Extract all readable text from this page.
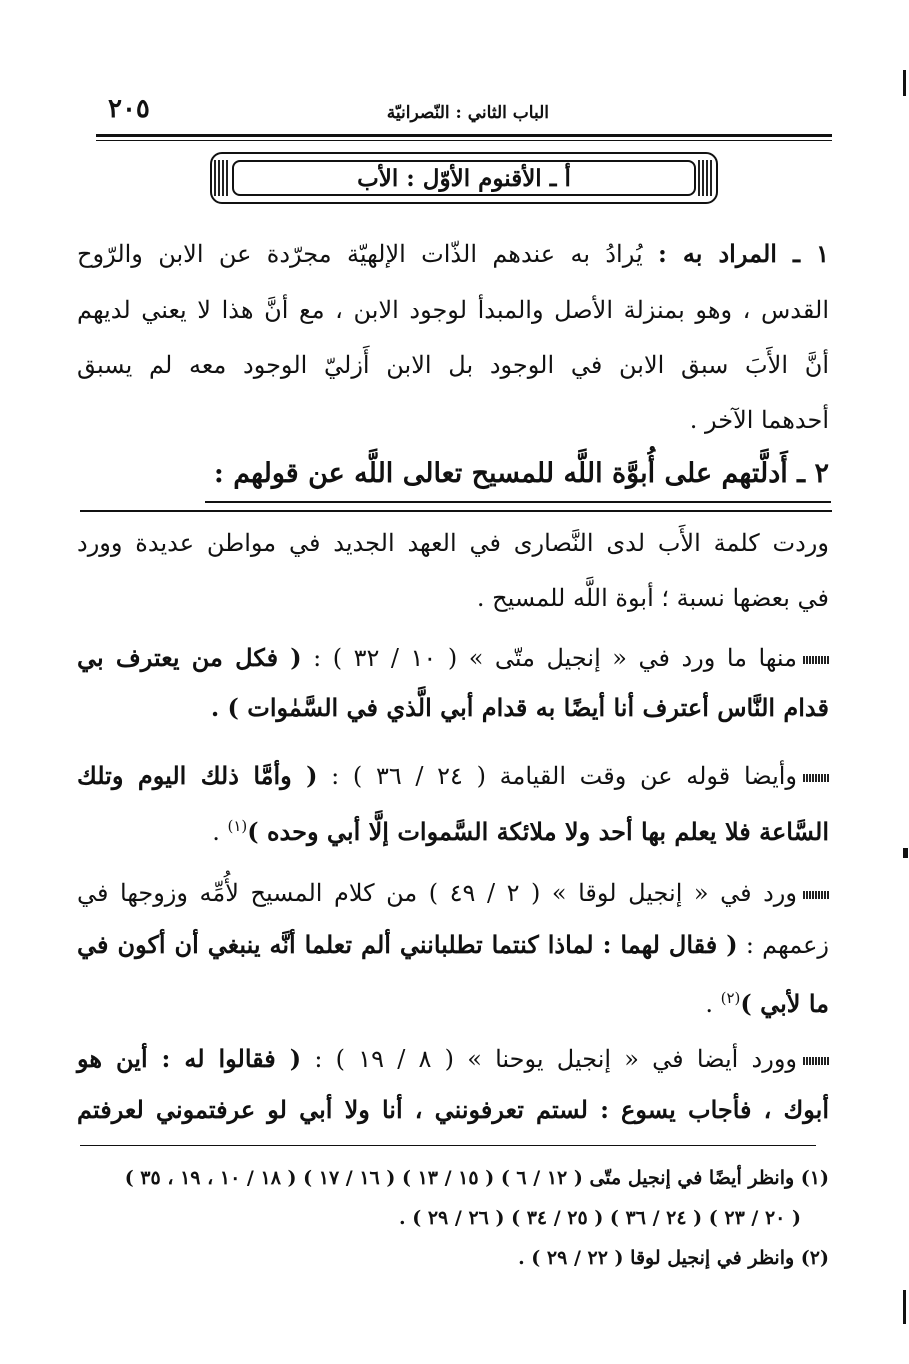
٢٠٥	الباب الثاني : النّصرانيّة
أ ـ الأقنوم الأوّل : الأب
١ ـ المراد به : يُرادُ به عندهم الذّات الإلهيّة مجرّدة عن الابن والرّوح
القدس ، وهو بمنزلة الأصل والمبدأ لوجود الابن ، مع أنَّ هذا لا يعني لديهم
أنَّ الأَبَ سبق الابن في الوجود بل الابن أَزليّ الوجود معه لم يسبق
أحدهما الآخر .
٢ ـ أَدلَّتهم على أُبوَّة اللَّه للمسيح تعالى اللَّه عن قولهم :
وردت كلمة الأَب لدى النَّصارى في العهد الجديد في مواطن عديدة وورد
في بعضها نسبة ؛ أبوة اللَّه للمسيح .
منها ما ورد في « إنجيل متّى » ( ١٠ / ٣٢ ) : ( فكل من يعترف بي
قدام النَّاس أعترف أنا أيضًا به قدام أبي الَّذي في السَّمٰوات ) .
وأيضا قوله عن وقت القيامة ( ٢٤ / ٣٦ ) : ( وأمَّا ذلك اليوم وتلك
السَّاعة فلا يعلم بها أحد ولا ملائكة السَّموات إلَّا أبي وحده )$^{(١)}$ .
ورد في « إنجيل لوقا » ( ٢ / ٤٩ ) من كلام المسيح لأُمِّه وزوجها في
زعمهم : ( فقال لهما : لماذا كنتما تطلبانني ألم تعلما أنَّه ينبغي أن أكون في
ما لأبي )$^{(٢)}$ .
وورد أيضا في « إنجيل يوحنا » ( ٨ / ١٩ ) : ( فقالوا له : أين هو
أبوك ، فأجاب يسوع : لستم تعرفونني ، أنا ولا أبي لو عرفتموني لعرفتم
(١) وانظر أيضًا في إنجيل متّى ( ١٢ / ٦ ) ( ١٥ / ١٣ ) ( ١٦ / ١٧ ) ( ١٨ / ١٠ ، ١٩ ، ٣٥ )
( ٢٠ / ٢٣ ) ( ٢٤ / ٣٦ ) ( ٢٥ / ٣٤ ) ( ٢٦ / ٢٩ ) .
(٢) وانظر في إنجيل لوقا ( ٢٢ / ٢٩ ) .
